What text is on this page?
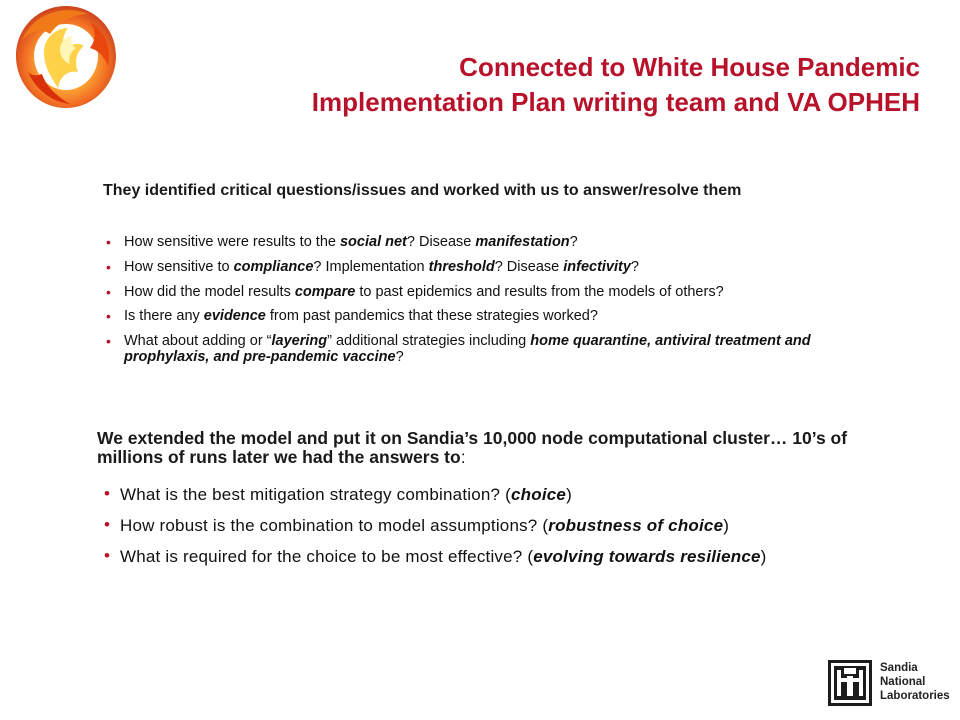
Connected to White House Pandemic
Implementation Plan writing team and VA OPHEH
They identified critical questions/issues and worked with us to answer/resolve them
• How sensitive were results to the social net? Disease manifestation?
• How sensitive to compliance? Implementation threshold? Disease infectivity?
• How did the model results compare to past epidemics and results from the models of others?
• Is there any evidence from past pandemics that these strategies worked?
• What about adding or “layering” additional strategies including home quarantine, antiviral treatment and prophylaxis, and pre-pandemic vaccine?
We extended the model and put it on Sandia’s 10,000 node computational cluster… 10’s of millions of runs later we had the answers to:
• What is the best mitigation strategy combination? (choice)
• How robust is the combination to model assumptions? (robustness of choice)
• What is required for the choice to be most effective? (evolving towards resilience)
Sandia
National
Laboratories
